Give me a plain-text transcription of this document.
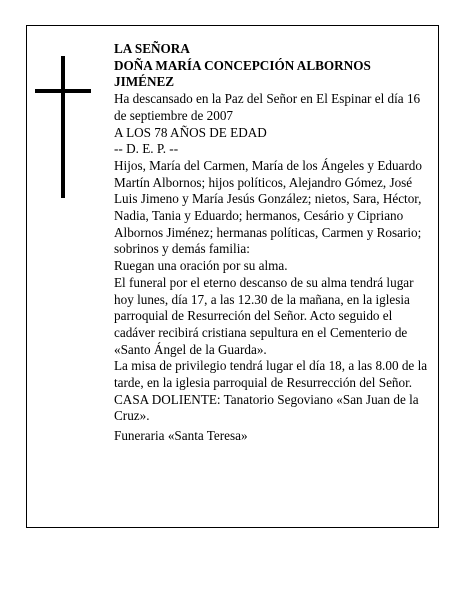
LA SEÑORA

DOÑA MARÍA CONCEPCIÓN ALBORNOS JIMÉNEZ

Ha descansado en la Paz del Señor en El Espinar el día 16 de septiembre de 2007

A LOS 78 AÑOS DE EDAD

-- D. E. P. --

Hijos, María del Carmen, María de los Ángeles y Eduardo Martín Albornos; hijos políticos, Alejandro Gómez, José Luis Jimeno y María Jesús González; nietos, Sara, Héctor, Nadia, Tania y Eduardo; hermanos, Cesário y Cipriano Albornos Jiménez; hermanas políticas, Carmen y Rosario; sobrinos y demás familia:

Ruegan una oración por su alma.

El funeral por el eterno descanso de su alma tendrá lugar hoy lunes, día 17, a las 12.30 de la mañana, en la iglesia parroquial de Resurreción del Señor. Acto seguido el cadáver recibirá cristiana sepultura en el Cementerio de «Santo Ángel de la Guarda».

La misa de privilegio tendrá lugar el día 18, a las 8.00 de la tarde, en la iglesia parroquial de Resurrección del Señor.

CASA DOLIENTE: Tanatorio Segoviano «San Juan de la Cruz».

Funeraria «Santa Teresa»
